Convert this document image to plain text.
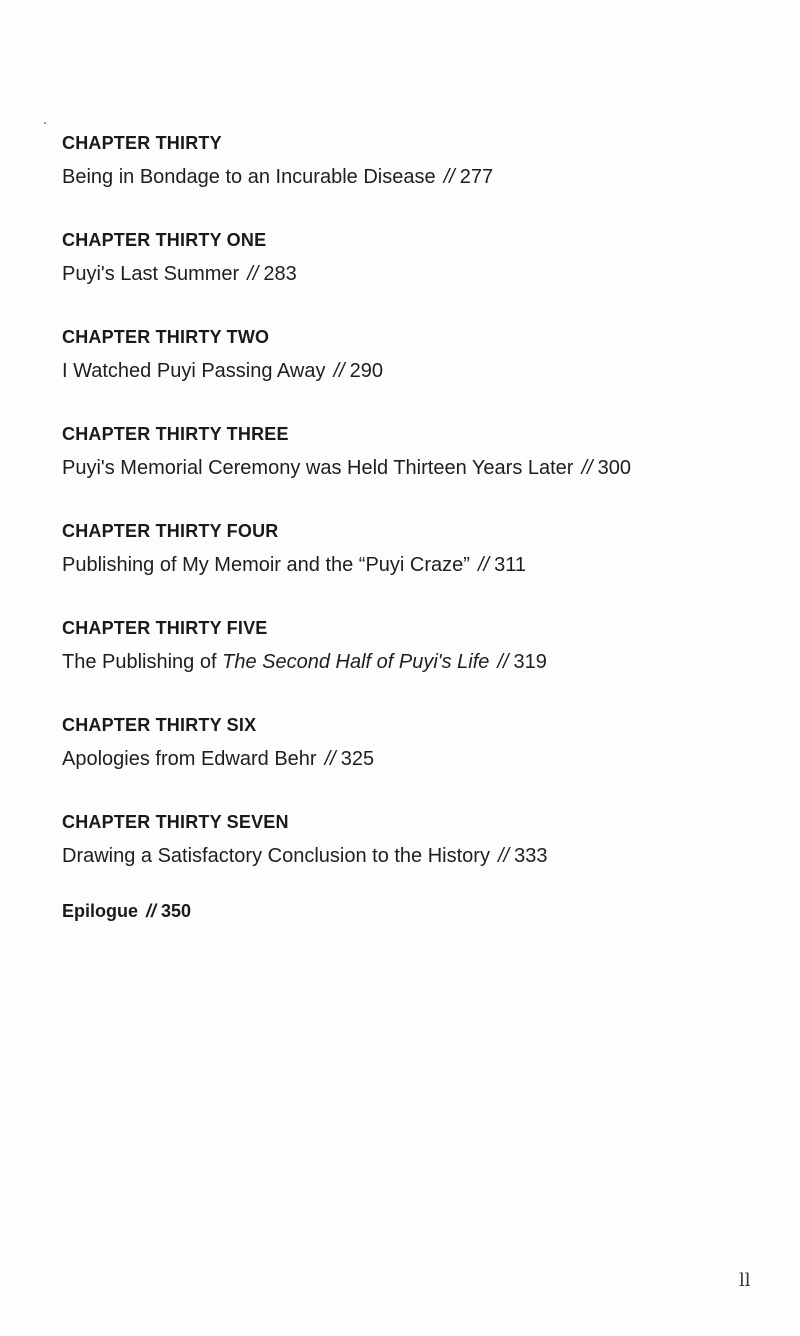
CHAPTER THIRTY
Being in Bondage to an Incurable Disease // 277
CHAPTER THIRTY ONE
Puyi's Last Summer // 283
CHAPTER THIRTY TWO
I Watched Puyi Passing Away // 290
CHAPTER THIRTY THREE
Puyi's Memorial Ceremony was Held Thirteen Years Later // 300
CHAPTER THIRTY FOUR
Publishing of My Memoir and the “Puyi Craze” // 311
CHAPTER THIRTY FIVE
The Publishing of The Second Half of Puyi's Life // 319
CHAPTER THIRTY SIX
Apologies from Edward Behr // 325
CHAPTER THIRTY SEVEN
Drawing a Satisfactory Conclusion to the History // 333
Epilogue // 350
ll
